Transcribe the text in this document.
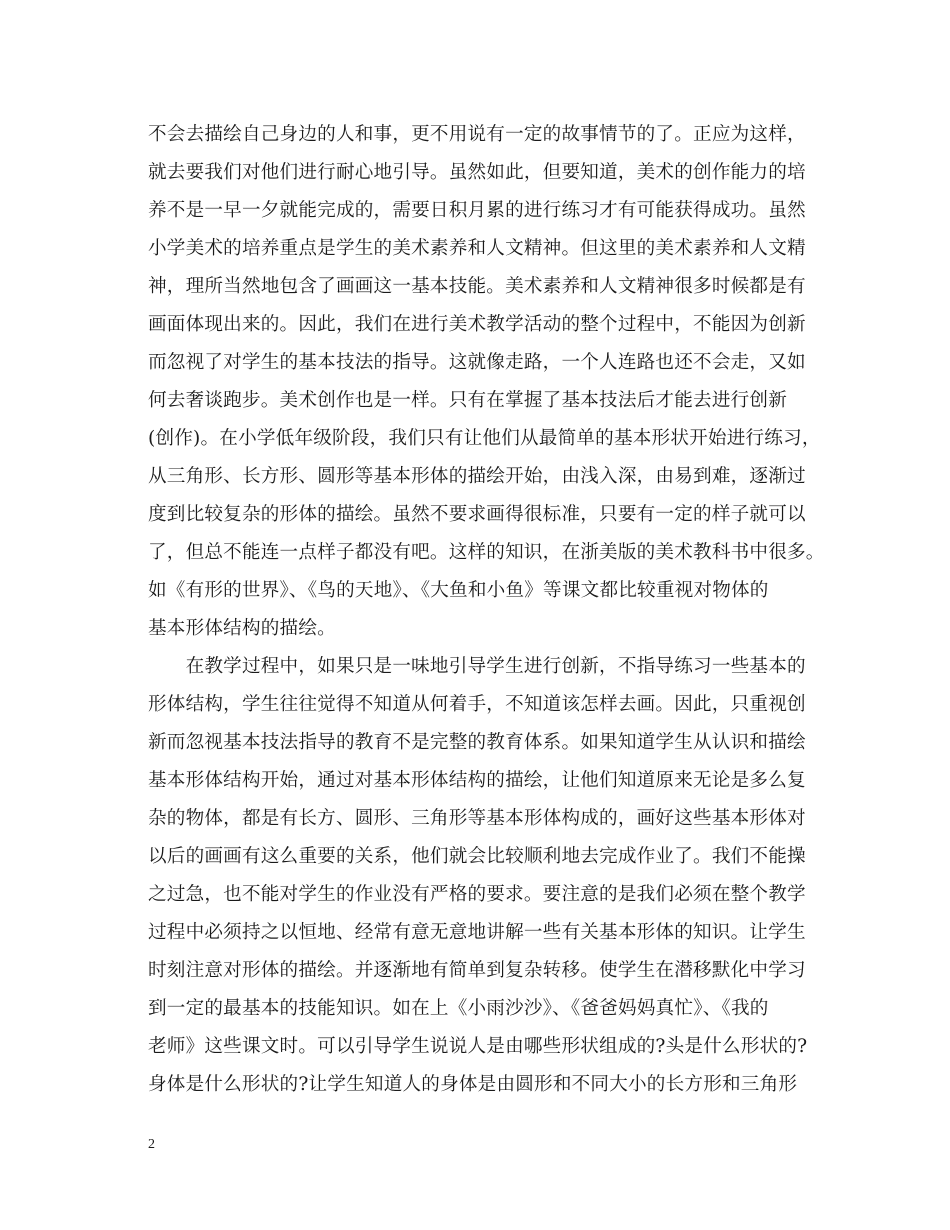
不会去描绘自己身边的人和事，更不用说有一定的故事情节的了。正应为这样，
就去要我们对他们进行耐心地引导。虽然如此，但要知道，美术的创作能力的培
养不是一早一夕就能完成的，需要日积月累的进行练习才有可能获得成功。虽然
小学美术的培养重点是学生的美术素养和人文精神。但这里的美术素养和人文精
神，理所当然地包含了画画这一基本技能。美术素养和人文精神很多时候都是有
画面体现出来的。因此，我们在进行美术教学活动的整个过程中，不能因为创新
而忽视了对学生的基本技法的指导。这就像走路，一个人连路也还不会走，又如
何去奢谈跑步。美术创作也是一样。只有在掌握了基本技法后才能去进行创新
(创作)。在小学低年级阶段，我们只有让他们从最简单的基本形状开始进行练习，
从三角形、长方形、圆形等基本形体的描绘开始，由浅入深，由易到难，逐渐过
度到比较复杂的形体的描绘。虽然不要求画得很标准，只要有一定的样子就可以
了，但总不能连一点样子都没有吧。这样的知识，在浙美版的美术教科书中很多。
如《有形的世界》、《鸟的天地》、《大鱼和小鱼》等课文都比较重视对物体的
基本形体结构的描绘。
　　在教学过程中，如果只是一味地引导学生进行创新，不指导练习一些基本的
形体结构，学生往往觉得不知道从何着手，不知道该怎样去画。因此，只重视创
新而忽视基本技法指导的教育不是完整的教育体系。如果知道学生从认识和描绘
基本形体结构开始，通过对基本形体结构的描绘，让他们知道原来无论是多么复
杂的物体，都是有长方、圆形、三角形等基本形体构成的，画好这些基本形体对
以后的画画有这么重要的关系，他们就会比较顺利地去完成作业了。我们不能操
之过急，也不能对学生的作业没有严格的要求。要注意的是我们必须在整个教学
过程中必须持之以恒地、经常有意无意地讲解一些有关基本形体的知识。让学生
时刻注意对形体的描绘。并逐渐地有简单到复杂转移。使学生在潜移默化中学习
到一定的最基本的技能知识。如在上《小雨沙沙》、《爸爸妈妈真忙》、《我的
老师》这些课文时。可以引导学生说说人是由哪些形状组成的?头是什么形状的?
身体是什么形状的?让学生知道人的身体是由圆形和不同大小的长方形和三角形
2
